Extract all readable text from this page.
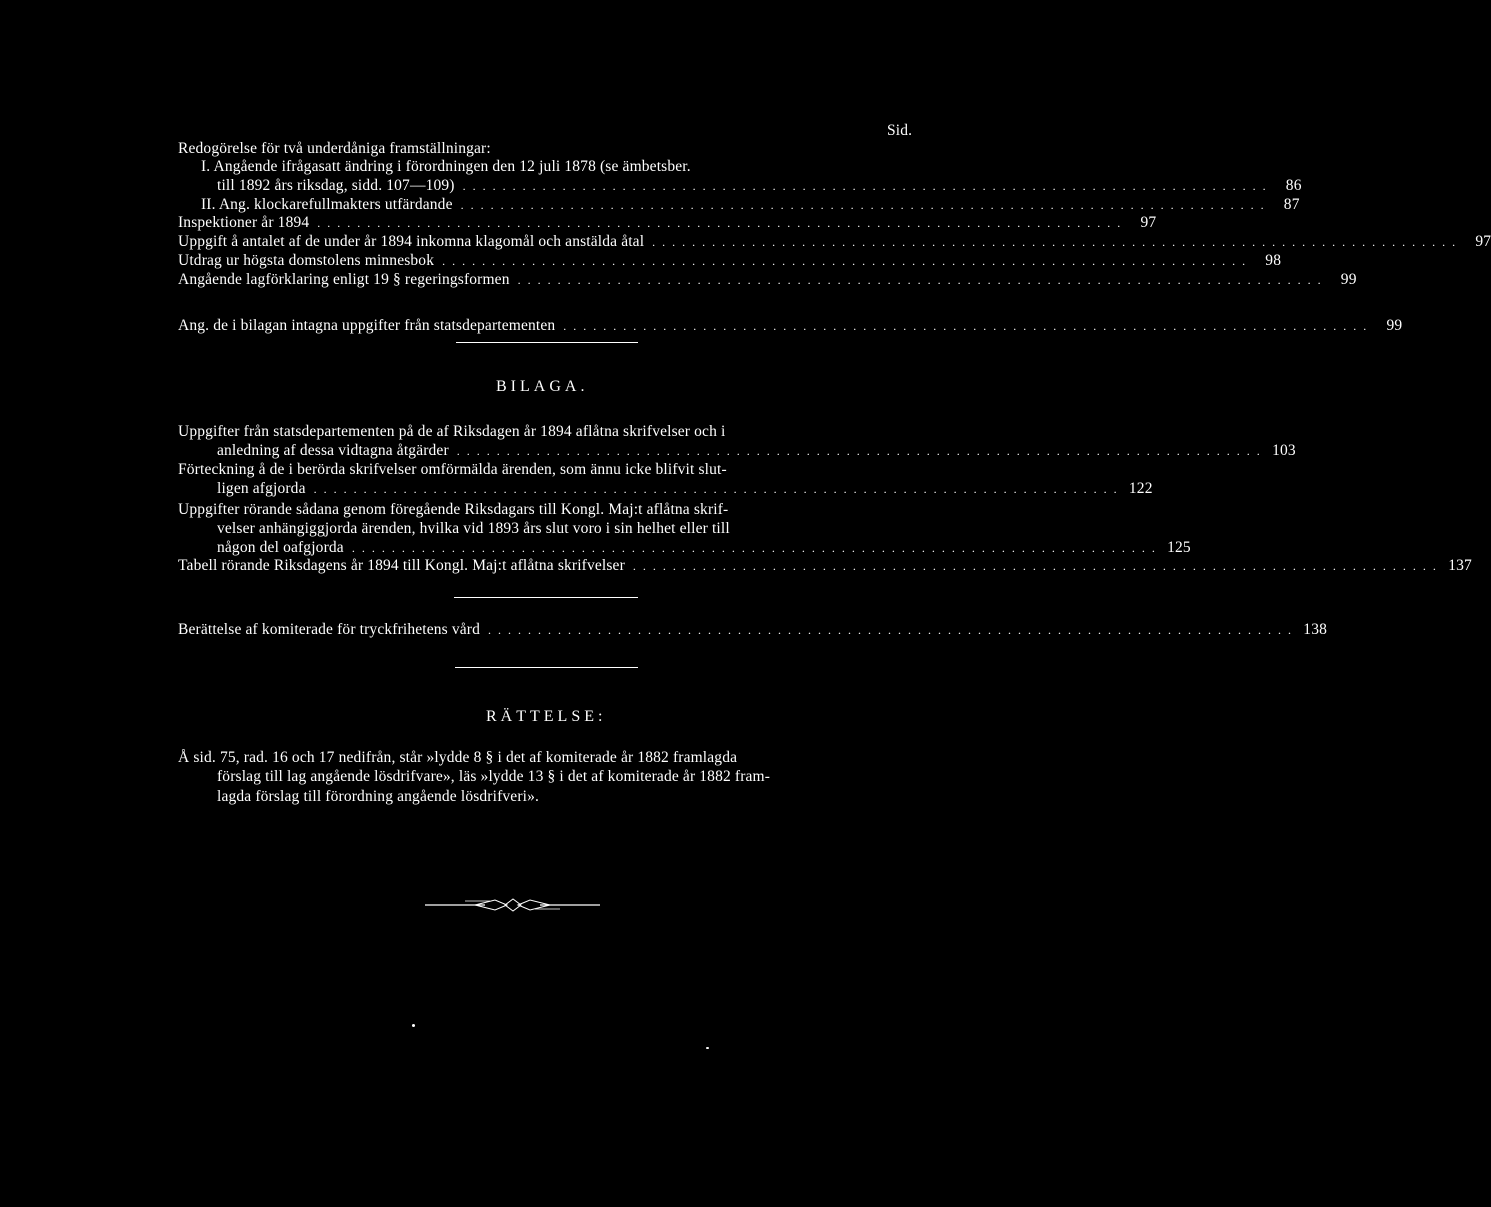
Sid.
Redogörelse för två underdåniga framställningar:
I. Angående ifrågasatt ändring i förordningen den 12 juli 1878 (se ämbetsber.
till 1892 års riksdag, sidd. 107—109) . . . . . . . . . . . . . . . . . . . . . . . . . . . . . . . . . . . . . . . . . . . . . . . . . . . . . . . . . . . . . . . . . . . . . . . . . . . . . . . . .	86
II. Ang. klockarefullmakters utfärdande . . . . . . . . . . . . . . . . . . . . . . . . . . . . . . . . . . . . . . . . . . . . . . . . . . . . . . . . . . . . . . . . . . . . . . . . . . . . . . . . .	87
Inspektioner år 1894 . . . . . . . . . . . . . . . . . . . . . . . . . . . . . . . . . . . . . . . . . . . . . . . . . . . . . . . . . . . . . . . . . . . . . . . . . . . . . . . . .	97
Uppgift å antalet af de under år 1894 inkomna klagomål och anstälda åtal . . . . . . . . . . . . . . . . . . . . . . . . . . . . . . . . . . . . . . . . . . . . . . . . . . . . . . . . . . . . . . . . . . . . . . . . . . . . . . . . .	97
Utdrag ur högsta domstolens minnesbok . . . . . . . . . . . . . . . . . . . . . . . . . . . . . . . . . . . . . . . . . . . . . . . . . . . . . . . . . . . . . . . . . . . . . . . . . . . . . . . . .	98
Angående lagförklaring enligt 19 § regeringsformen . . . . . . . . . . . . . . . . . . . . . . . . . . . . . . . . . . . . . . . . . . . . . . . . . . . . . . . . . . . . . . . . . . . . . . . . . . . . . . . . .	99
Ang. de i bilagan intagna uppgifter från statsdepartementen . . . . . . . . . . . . . . . . . . . . . . . . . . . . . . . . . . . . . . . . . . . . . . . . . . . . . . . . . . . . . . . . . . . . . . . . . . . . . . . . .	99
BILAGA.
Uppgifter från statsdepartementen på de af Riksdagen år 1894 aflåtna skrifvelser och i
anledning af dessa vidtagna åtgärder . . . . . . . . . . . . . . . . . . . . . . . . . . . . . . . . . . . . . . . . . . . . . . . . . . . . . . . . . . . . . . . . . . . . . . . . . . . . . . . . . 103
Förteckning å de i berörda skrifvelser omförmälda ärenden, som ännu icke blifvit slut-
ligen afgjorda . . . . . . . . . . . . . . . . . . . . . . . . . . . . . . . . . . . . . . . . . . . . . . . . . . . . . . . . . . . . . . . . . . . . . . . . . . . . . . . . . 122
Uppgifter rörande sådana genom föregående Riksdagars till Kongl. Maj:t aflåtna skrif-
velser anhängiggjorda ärenden, hvilka vid 1893 års slut voro i sin helhet eller till
någon del oafgjorda . . . . . . . . . . . . . . . . . . . . . . . . . . . . . . . . . . . . . . . . . . . . . . . . . . . . . . . . . . . . . . . . . . . . . . . . . . . . . . . . . 125
Tabell rörande Riksdagens år 1894 till Kongl. Maj:t aflåtna skrifvelser . . . . . . . . . . . . . . . . . . . . . . . . . . . . . . . . . . . . . . . . . . . . . . . . . . . . . . . . . . . . . . . . . . . . . . . . . . . . . . . . . 137
Berättelse af komiterade för tryckfrihetens vård . . . . . . . . . . . . . . . . . . . . . . . . . . . . . . . . . . . . . . . . . . . . . . . . . . . . . . . . . . . . . . . . . . . . . . . . . . . . . . . . . 138
RÄTTELSE:
Å sid. 75, rad. 16 och 17 nedifrån, står »lydde 8 § i det af komiterade år 1882 framlagda
förslag till lag angående lösdrifvare», läs »lydde 13 § i det af komiterade år 1882 fram-
lagda förslag till förordning angående lösdrifveri».
